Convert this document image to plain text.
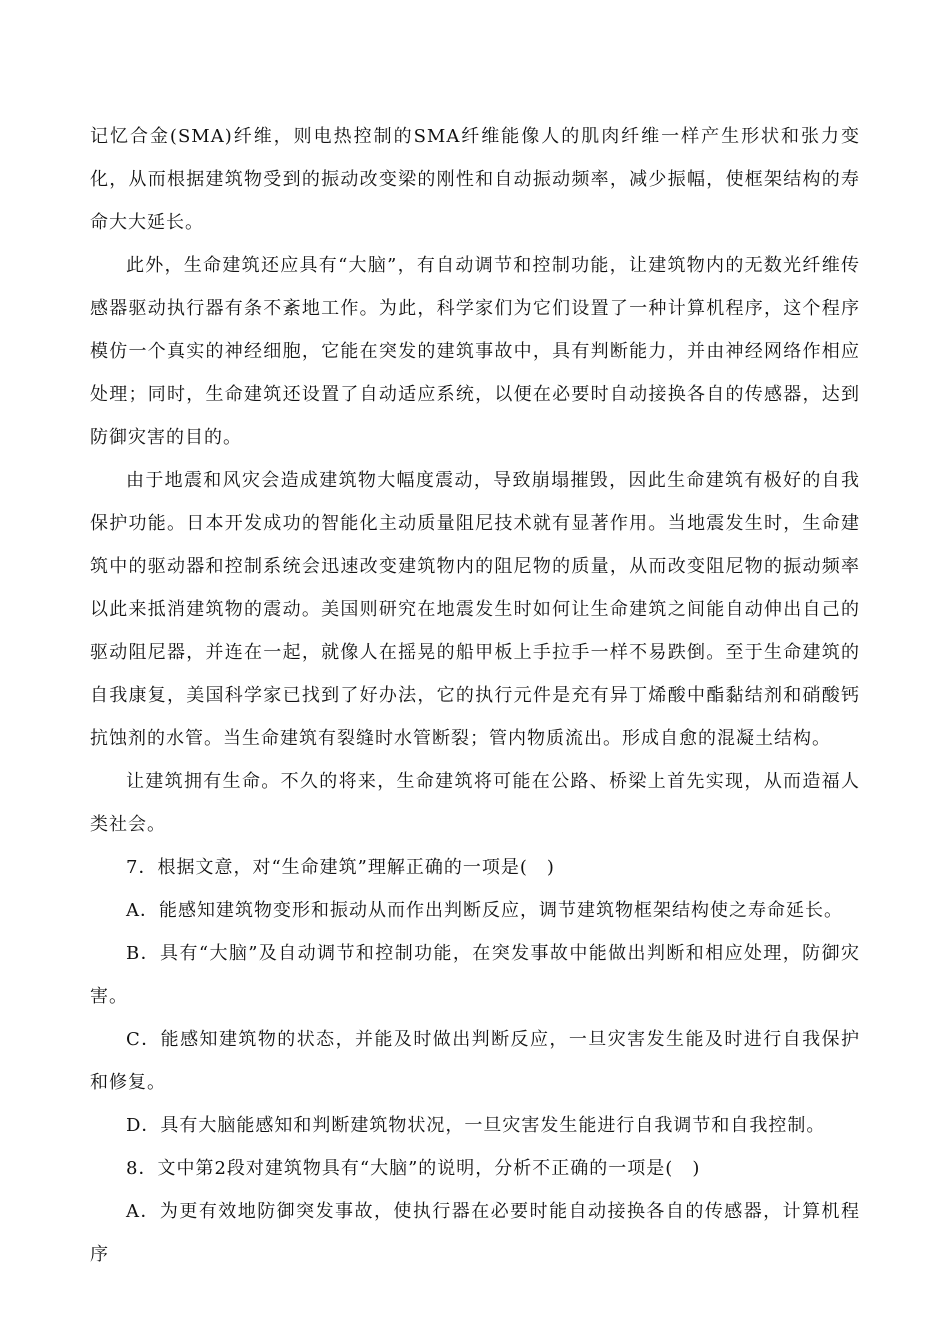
记忆合金(SMA)纤维，则电热控制的SMA纤维能像人的肌肉纤维一样产生形状和张力变化，从而根据建筑物受到的振动改变梁的刚性和自动振动频率，减少振幅，使框架结构的寿命大大延长。

此外，生命建筑还应具有“大脑”，有自动调节和控制功能，让建筑物内的无数光纤维传感器驱动执行器有条不紊地工作。为此，科学家们为它们设置了一种计算机程序，这个程序模仿一个真实的神经细胞，它能在突发的建筑事故中，具有判断能力，并由神经网络作相应处理；同时，生命建筑还设置了自动适应系统，以便在必要时自动接换各自的传感器，达到防御灾害的目的。

由于地震和风灾会造成建筑物大幅度震动，导致崩塌摧毁，因此生命建筑有极好的自我保护功能。日本开发成功的智能化主动质量阻尼技术就有显著作用。当地震发生时，生命建筑中的驱动器和控制系统会迅速改变建筑物内的阻尼物的质量，从而改变阻尼物的振动频率以此来抵消建筑物的震动。美国则研究在地震发生时如何让生命建筑之间能自动伸出自己的驱动阻尼器，并连在一起，就像人在摇晃的船甲板上手拉手一样不易跌倒。至于生命建筑的自我康复，美国科学家已找到了好办法，它的执行元件是充有异丁烯酸中酯黏结剂和硝酸钙抗蚀剂的水管。当生命建筑有裂缝时水管断裂；管内物质流出。形成自愈的混凝土结构。

让建筑拥有生命。不久的将来，生命建筑将可能在公路、桥梁上首先实现，从而造福人类社会。

7．根据文意，对“生命建筑”理解正确的一项是(　)

A．能感知建筑物变形和振动从而作出判断反应，调节建筑物框架结构使之寿命延长。

B．具有“大脑”及自动调节和控制功能，在突发事故中能做出判断和相应处理，防御灾害。

C．能感知建筑物的状态，并能及时做出判断反应，一旦灾害发生能及时进行自我保护和修复。

D．具有大脑能感知和判断建筑物状况，一旦灾害发生能进行自我调节和自我控制。

8．文中第2段对建筑物具有“大脑”的说明，分析不正确的一项是(　)

A．为更有效地防御突发事故，使执行器在必要时能自动接换各自的传感器，计算机程序
